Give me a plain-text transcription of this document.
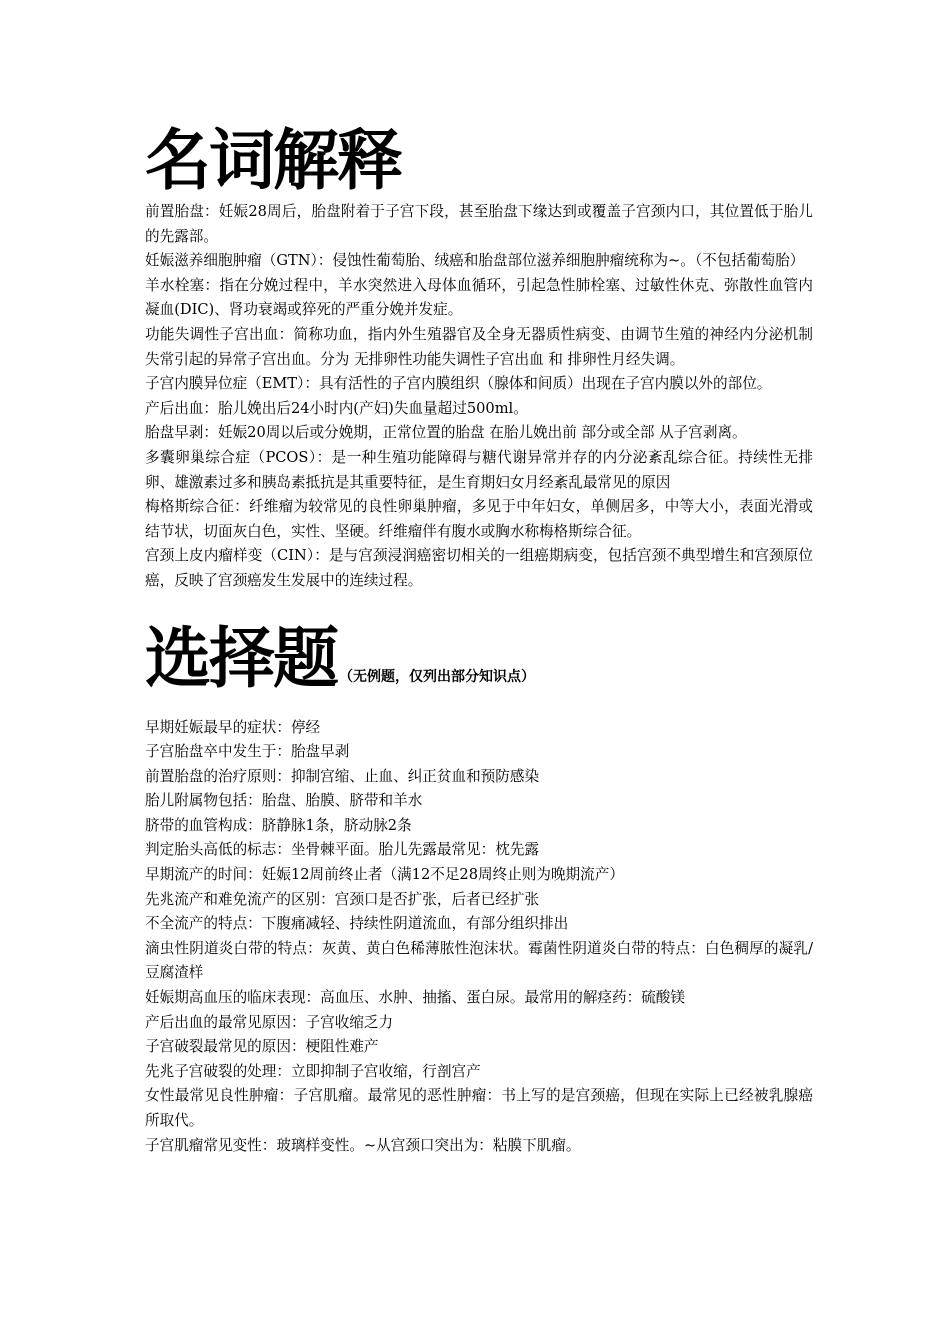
名词解释

前置胎盘：妊娠28周后，胎盘附着于子宫下段，甚至胎盘下缘达到或覆盖子宫颈内口，其位置低于胎儿的先露部。

妊娠滋养细胞肿瘤（GTN）：侵蚀性葡萄胎、绒癌和胎盘部位滋养细胞肿瘤统称为~。（不包括葡萄胎）

羊水栓塞：指在分娩过程中，羊水突然进入母体血循环，引起急性肺栓塞、过敏性休克、弥散性血管内凝血(DIC)、肾功衰竭或猝死的严重分娩并发症。

功能失调性子宫出血：简称功血，指内外生殖器官及全身无器质性病变、由调节生殖的神经内分泌机制失常引起的异常子宫出血。分为 无排卵性功能失调性子宫出血 和 排卵性月经失调。

子宫内膜异位症（EMT）：具有活性的子宫内膜组织（腺体和间质）出现在子宫内膜以外的部位。

产后出血：胎儿娩出后24小时内(产妇)失血量超过500ml。

胎盘早剥：妊娠20周以后或分娩期，正常位置的胎盘 在胎儿娩出前 部分或全部 从子宫剥离。

多囊卵巢综合症（PCOS）：是一种生殖功能障碍与糖代谢异常并存的内分泌紊乱综合征。持续性无排卵、雄激素过多和胰岛素抵抗是其重要特征，是生育期妇女月经紊乱最常见的原因

梅格斯综合征：纤维瘤为较常见的良性卵巢肿瘤，多见于中年妇女，单侧居多，中等大小，表面光滑或结节状，切面灰白色，实性、坚硬。纤维瘤伴有腹水或胸水称梅格斯综合征。

宫颈上皮内瘤样变（CIN）：是与宫颈浸润癌密切相关的一组癌期病变，包括宫颈不典型增生和宫颈原位癌，反映了宫颈癌发生发展中的连续过程。

选择题 （无例题，仅列出部分知识点）

早期妊娠最早的症状：停经

子宫胎盘卒中发生于：胎盘早剥

前置胎盘的治疗原则：抑制宫缩、止血、纠正贫血和预防感染

胎儿附属物包括：胎盘、胎膜、脐带和羊水

脐带的血管构成：脐静脉1条，脐动脉2条

判定胎头高低的标志：坐骨棘平面。胎儿先露最常见：枕先露

早期流产的时间：妊娠12周前终止者（满12不足28周终止则为晚期流产）

先兆流产和难免流产的区别：宫颈口是否扩张，后者已经扩张

不全流产的特点：下腹痛减轻、持续性阴道流血，有部分组织排出

滴虫性阴道炎白带的特点：灰黄、黄白色稀薄脓性泡沫状。霉菌性阴道炎白带的特点：白色稠厚的凝乳/豆腐渣样

妊娠期高血压的临床表现：高血压、水肿、抽搐、蛋白尿。最常用的解痉药：硫酸镁

产后出血的最常见原因：子宫收缩乏力

子宫破裂最常见的原因：梗阻性难产

先兆子宫破裂的处理：立即抑制子宫收缩，行剖宫产

女性最常见良性肿瘤：子宫肌瘤。最常见的恶性肿瘤：书上写的是宫颈癌，但现在实际上已经被乳腺癌所取代。

子宫肌瘤常见变性：玻璃样变性。~从宫颈口突出为：粘膜下肌瘤。
